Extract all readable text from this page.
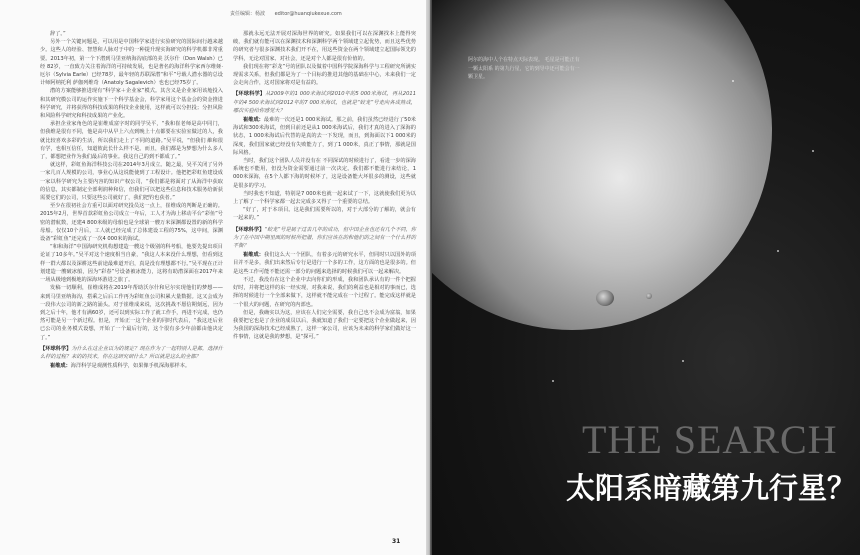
责任编辑：杨波 editor@huanqiukexue.com

辞了。”

另外一个关键问题是，可以用是中国科学家进行实验研究的国际间行越来越少。这些人的经验、智慧和人脉对于中的一种提升现实海研究的科学机都非常重要。2013年初，第一个下潜到马里亚纳海沟底部的美 沃尔什（Don Walsh）已经 82岁，一直致力关注着海洋的可持续发展，也是著名的海洋科学家西尔维娅·厄尔（Sylvia Earle）已经78岁，最年轻的苏联深潜“和平”号载人潜水器的总设计师阿纳托利 萨伽列维奇（Anatoly Sagalevich）也也已经75岁了。

潜的方案能够推进现有“科学家＋企业家”模式。其含义是企业家用该舱投入和其研究模公司的运作实施下一个科学基金会，科学家用这个基金会的资金推进科学研究，并将获得的科技成果的科技企业使用，这样就可以分担投；分担风险和风险科学研究和科技成果的产业化。

承担企业家角色的是崔维成富字时的同学吴平，“我和崔老师是高中同门，但我维是很有不同，他是高中从早上六点到晚上十点都要在实验室做过的人，我就比较喜欢多彩的生活，所以我们走上了不同的道路。”吴平说，“但我们 維和很有学，也相互信任，知道彼此长什么样不是。而且，我们都是为梦想为什么多人了，都想把业作为我们最后的事业。我这自己的到不都成了。”

就这样，彩虹鱼海洋科技公司在2014年3月成立。随之最，吴平关闭了另外一家几百人规模的公司，事业心从这说能使到了工程设计。他把把彩虹鱼建设成一家以科学研究为主要内容的知识产权公司，“我们都是将面对了从海洋中获取的信息，其实都制定全部利润种和信，但我们可以把这些信息和技术服务给新获需要它们的公司，只要这些公司就好了，我们把钓也获者。”

至少在很初社会方重可以面对研究投员这一点上，崔维成的判断是正确的。2015年2月，世界首款彩虹鱼公司成立一年后，工人才为海上移动平台“彩鱼”号密的潜航数，还建4 800米级的母船也是全球第一艘万米深渊都设置的新的科学母船。仅仅10个月后，工人就已经完成了总体建设工程的75%，这中间，深渊设备“彩虹鱼”还完成了一次4 000米的海试。

“和和海洋”中国海研究机构想建造一艘这个级别的科考船，他要先提出项目论证了10多年。”吴平对这个速度相当自豪，“我这人本来没什么理想，但看到这样一群大都以及深耕这些前途最难道开启，真是没有理想都不行。”吴平现在正计划建造一艘破冰船，因为“彩春”号设备被冰能力，这将有助潜深面在2017年来一场从极地到极地的深海环游进之旅了。

发稿一切顺利，崔维成将在2019年帮助沃尔什和尼尔实现他们的梦想——来到马里亚纳海沟，搭乘之后后工作再为彩虹鱼公司积累大量数据。这又会成为一段伟大公司的新之路的涌头。对于崔维成来说，这次挑战不愿信期刻远，因为到之后十年，他才有满60岁，还可以到实际工作了就工作手，再进不完成，也仍然可能是另一个新过程。但是，开始正一这个企业的同时代表后，“我这还后业已公司的业务模式设想，开始了一个最后行的，这个很有多少年前都由他决定了。”

【环球科学】为什么在这企业以为的规定？现在作为了一起特别人是都，选择什么样的过程？来的的技术，你在这研究研什么？所以就是这么的全都？

崔维成：海洋科学是观测性质科学，如果像手机深海那样本。

那就永远无法开展对深海世界的研究。如果我们可以在深渊找本上能得突破，我们就有能可以在深渊技术和深渊科学两个领域建立起优势，而且这些优势的研究者与很多深渊技术我们开不在，用这些资金在两个领域建立起国际领先的学科，无论对国家、对社会，还是对个人都是很有价值的。

我们现在将“彩龙”号的团队以及做着中国科学院深海科学与工程研究所满实现需求关系，但我们都是为了一个目标的推进其他的基础在中心，未来我们一定会走向合作，这对国家将对是有益的。

【环球科学】从2009年的1 000米海试到2010年的5 000米海试，再从2011年的4 500米海试到2012年的7 000米海试，也就是“蛟龙”号走向各成熟成，哪次实验给你感觉大？

崔维成：最难的一次还是1 000米海试。那之前，我们虽然已经进行了50米海试和300米海试，但到目前还是从1 000米海试后，我们才真的进入了深海的状态，1 000米海试后代替的是真的去一下发现，而且，到海面以下1 000米的深度，我们国家就已经没有失败能力了，到了1 000米，真正了事情，那就是国际风格。

当时，我们这个团队人员并没有在 不同深试的时候进行了，看进一步的深海系统也不能用，但没为资金需要通过前一次决定。我们都不能进行来结论，1 000米深海，在5个人都下海的时候坏了，这是设备能大坏很多的测设，这些就是很多的学习。

当时我也不知道，特别是7 000米也就一起来试了一下，这就使我们更为以上了解了一个科学家都一起去完成多又得了一个重要的总结。

“好了，对于本项目。这是我们需要所以的，对于大部分的了解的，就会有一起来的。”

【环球科学】“蛟龙”号是属于过去几年的成功，但中国企业也还有几个不同，你为了在中国中期里面的时候所把潜，你们应该在的和他们的之间有一个什么样的平衡？

崔维成：我们这么大一个团队，有着多元的研究水平，但同时只以国外的项目并不是多，我们出来然后专行是进行一个多的工作，这方面的也是很多的。但是这些工作可能不能还需一部分的问题来选择的时候我们可以一起来解决。

不过，我没有在这个企业中去向你们的形成，我和团队承认有的一件个把握好时，并将把这样的东一经实现，对我来说，我们的利益也是相对的事而已，选择的时候进行一个全部来做下，这样就不能完成在一个过程了。能完成这样就是一个很大的问题，在研究的内部也。

但是，我确实以为这，应该在人们完全需要，我自己也不会成为富翁，如果我要把它也是了企业的成员以后，我就知道了我们一定要把这个企业做起来，因为我国的深海技术已经成熟了，这样一家公司，应该为未来的科学家们做好这一件事情，这就是我的梦想，是“探可。”

31
阿尔的海中人个在特点天际表现。 毛星是可能正有一颗太阳系 的第九行星，它的到导中还可能会有一颗卫星。
THE SEARCH
太阳系暗藏第九行星？
